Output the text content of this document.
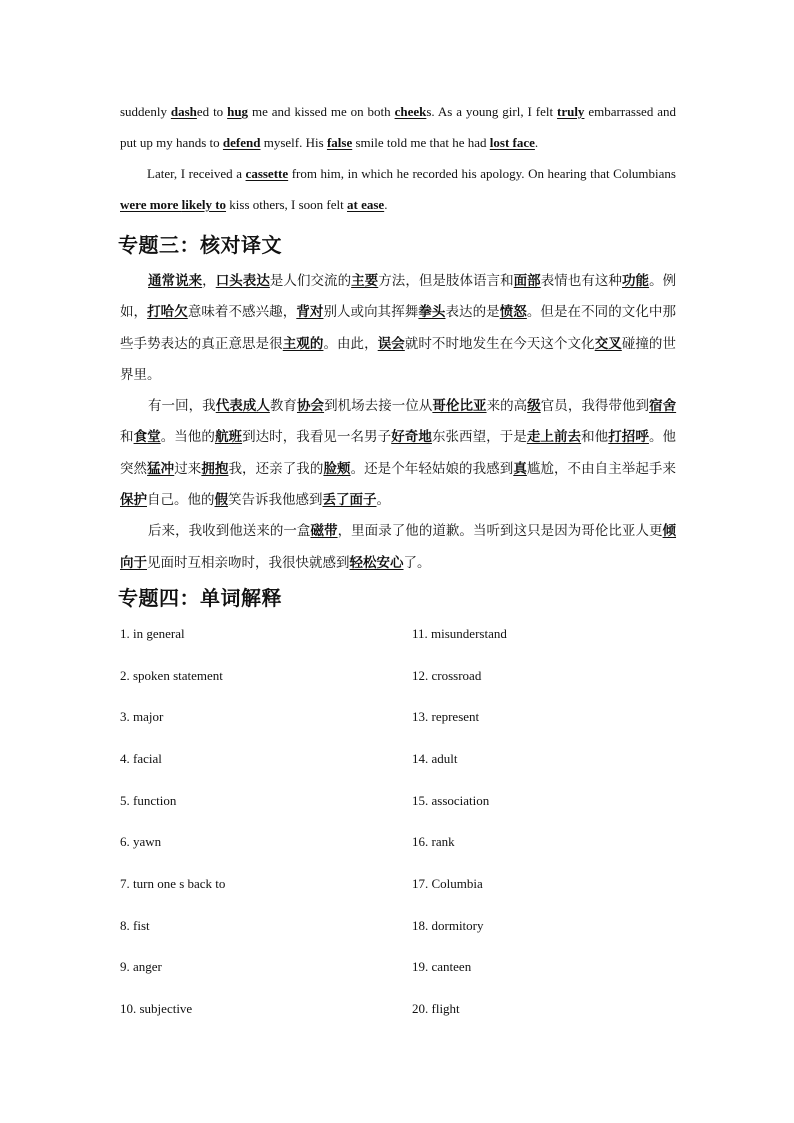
suddenly dashed to hug me and kissed me on both cheeks. As a young girl, I felt truly embarrassed and put up my hands to defend myself. His false smile told me that he had lost face.

Later, I received a cassette from him, in which he recorded his apology. On hearing that Columbians were more likely to kiss others, I soon felt at ease.

专题三：核对译文

通常说来，口头表达是人们交流的主要方法，但是肢体语言和面部表情也有这种功能。例如，打哈欠意味着不感兴趣，背对别人或向其挥舞拳头表达的是愤怒。但是在不同的文化中那些手势表达的真正意思是很主观的。由此，误会就时不时地发生在今天这个文化交叉碰撞的世界里。

有一回，我代表成人教育协会到机场去接一位从哥伦比亚来的高级官员，我得带他到宿舍和食堂。当他的航班到达时，我看见一名男子好奇地东张西望，于是走上前去和他打招呼。他突然猛冲过来拥抱我，还亲了我的脸颊。还是个年轻姑娘的我感到真尴尬，不由自主举起手来保护自己。他的假笑告诉我他感到丢了面子。

后来，我收到他送来的一盒磁带，里面录了他的道歉。当听到这只是因为哥伦比亚人更倾向于见面时互相亲吻时，我很快就感到轻松安心了。

专题四：单词解释
1. in general	11. misunderstand
2. spoken statement	12. crossroad
3. major	13. represent
4. facial	14. adult
5. function	15. association
6. yawn	16. rank
7. turn one s back to	17. Columbia
8. fist	18. dormitory
9. anger	19. canteen
10. subjective	20. flight
